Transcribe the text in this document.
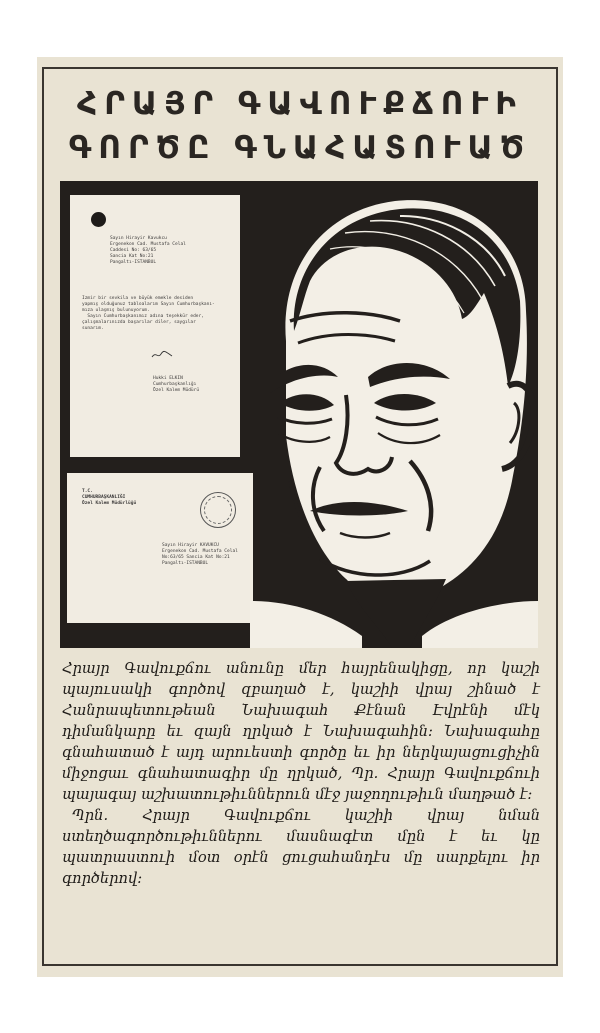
ՀՐԱՅՐ ԳԱՎՈՒՔՃՈՒԻ
ԳՈՐԾԸ ԳՆԱՀԱՏՈՒԱԾ
Sayın Hirayir Kavukcu
Ergenekon Cad. Mustafa Celal
Caddesi No: 63/65
Sancia Kat No:21
Pangaltı-ISTANBUL
Izmir bir sevkila ve büyük emekle desiden
yapmış olduğunuz tabloalarım Sayın Cumhurbaşkanı-
mıza ulaşmış bulunuyorum.
Sayın Cumhurbaşkanımız adına teşekkür eder,
çalışmalarınızda başarılar diler, saygılar
sunarım.
Hukki ELKIN
Cumhurbaşkanlığı
Özel Kalem Müdürü
T.C.
CUMHURBAŞKANLIĞI
Özel Kalem Müdürlüğü
Sayın Hirayir KAVUKCU
Ergenekon Cad. Mustafa Celal
No:63/65 Sancia Kat No:21
Pangaltı-ISTANBUL

Հրայր Գավուքճու անունը մեր հայրենակիցը, որ կաշի պայուսակի գործով զբաղած է, կաշիի վրայ շինած է Հանրապետութեան Նախագահ Քէնան Էվրէնի մէկ դիմանկարը եւ զայն ղրկած է Նախագահին: Նախագահը գնահատած է այդ արուեստի գործը եւ իր ներկայացուցիչին միջոցաւ գնահատագիր մը ղրկած, Պր. Հրայր Գավուքճուի պայագայ աշխատութիւններուն մէջ յաջողութիւն մաղթած է:

Պրն. Հրայր Գավուքճու կաշիի վրայ նման ստեղծագործութիւններու մասնագէտ մըն է եւ կը պատրաստուի մօտ օրէն ցուցահանդէս մը սարքելու իր գործերով:
